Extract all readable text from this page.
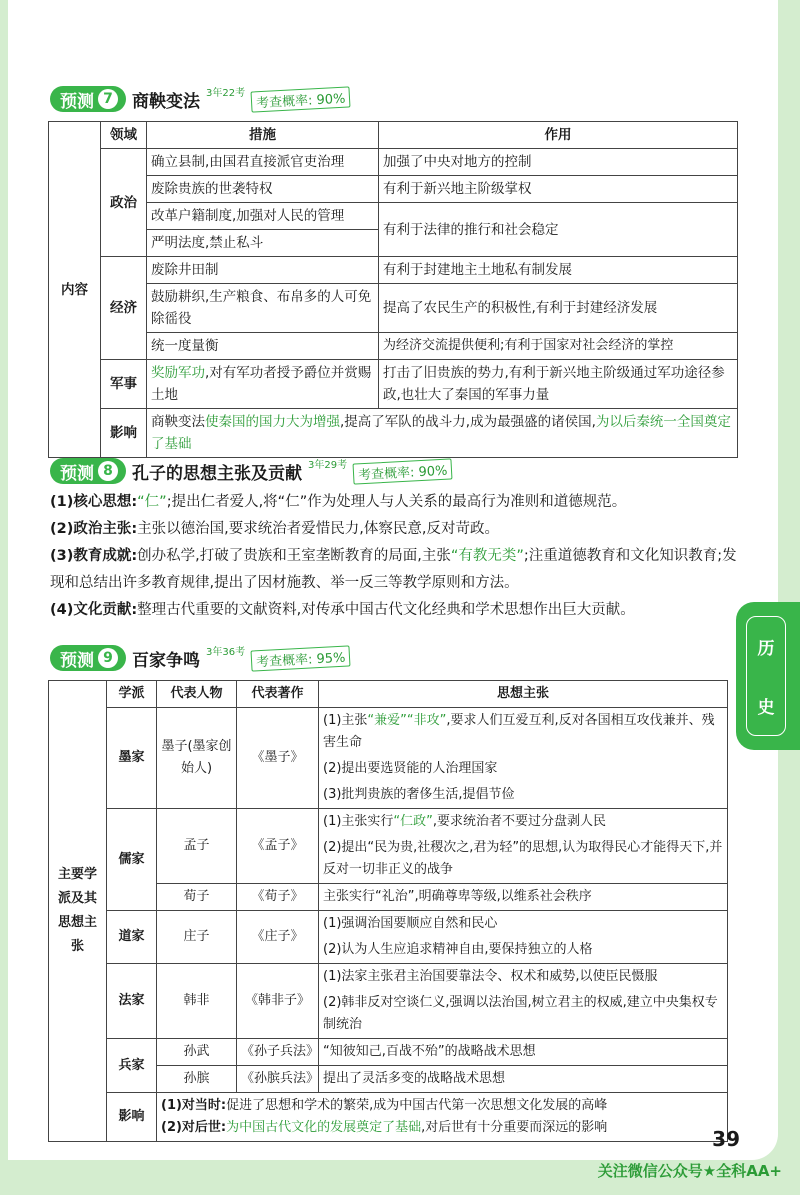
预测 7	商鞅变法 3年22考 考查概率: 90%
内容	领域	措施	作用
	政治	确立县制,由国君直接派官吏治理	加强了中央对地方的控制
		废除贵族的世袭特权	有利于新兴地主阶级掌权
		改革户籍制度,加强对人民的管理	有利于法律的推行和社会稳定
		严明法度,禁止私斗	
	经济	废除井田制	有利于封建地主土地私有制发展
		鼓励耕织,生产粮食、布帛多的人可免除徭役	提高了农民生产的积极性,有利于封建经济发展
		统一度量衡	为经济交流提供便利;有利于国家对社会经济的掌控
	军事	奖励军功,对有军功者授予爵位并赏赐土地	打击了旧贵族的势力,有利于新兴地主阶级通过军功途径参政,也壮大了秦国的军事力量
	影响	商鞅变法使秦国的国力大为增强,提高了军队的战斗力,成为最强盛的诸侯国,为以后秦统一全国奠定了基础	
预测 8	孔子的思想主张及贡献 3年29考 考查概率: 90%
(1)核心思想:“仁”;提出仁者爱人,将“仁”作为处理人与人关系的最高行为准则和道德规范。
(2)政治主张:主张以德治国,要求统治者爱惜民力,体察民意,反对苛政。
(3)教育成就:创办私学,打破了贵族和王室垄断教育的局面,主张“有教无类”;注重道德教育和文化知识教育;发现和总结出许多教育规律,提出了因材施教、举一反三等教学原则和方法。
(4)文化贡献:整理古代重要的文献资料,对传承中国古代文化经典和学术思想作出巨大贡献。
历
史
预测 9	百家争鸣 3年36考 考查概率: 95%
主要学派及其思想主张	学派	代表人物	代表著作	思想主张
	墨家	墨子(墨家创始人)	《墨子》	(1)主张“兼爱”“非攻”,要求人们互爱互利,反对各国相互攻伐兼并、残害生命
				(2)提出要选贤能的人治理国家
				(3)批判贵族的奢侈生活,提倡节俭
	儒家	孟子	《孟子》	(1)主张实行“仁政”,要求统治者不要过分盘剥人民
				(2)提出“民为贵,社稷次之,君为轻”的思想,认为取得民心才能得天下,并反对一切非正义的战争
		荀子	《荀子》	主张实行“礼治”,明确尊卑等级,以维系社会秩序
	道家	庄子	《庄子》	(1)强调治国要顺应自然和民心
				(2)认为人生应追求精神自由,要保持独立的人格
	法家	韩非	《韩非子》	(1)法家主张君主治国要靠法令、权术和威势,以使臣民慑服
				(2)韩非反对空谈仁义,强调以法治国,树立君主的权威,建立中央集权专制统治
	兵家	孙武	《孙子兵法》	“知彼知己,百战不殆”的战略战术思想
		孙膑	《孙膑兵法》	提出了灵活多变的战略战术思想
	影响	(1)对当时:促进了思想和学术的繁荣,成为中国古代第一次思想文化发展的高峰
(2)对后世:为中国古代文化的发展奠定了基础,对后世有十分重要而深远的影响			39
关注微信公众号★全科AA+
